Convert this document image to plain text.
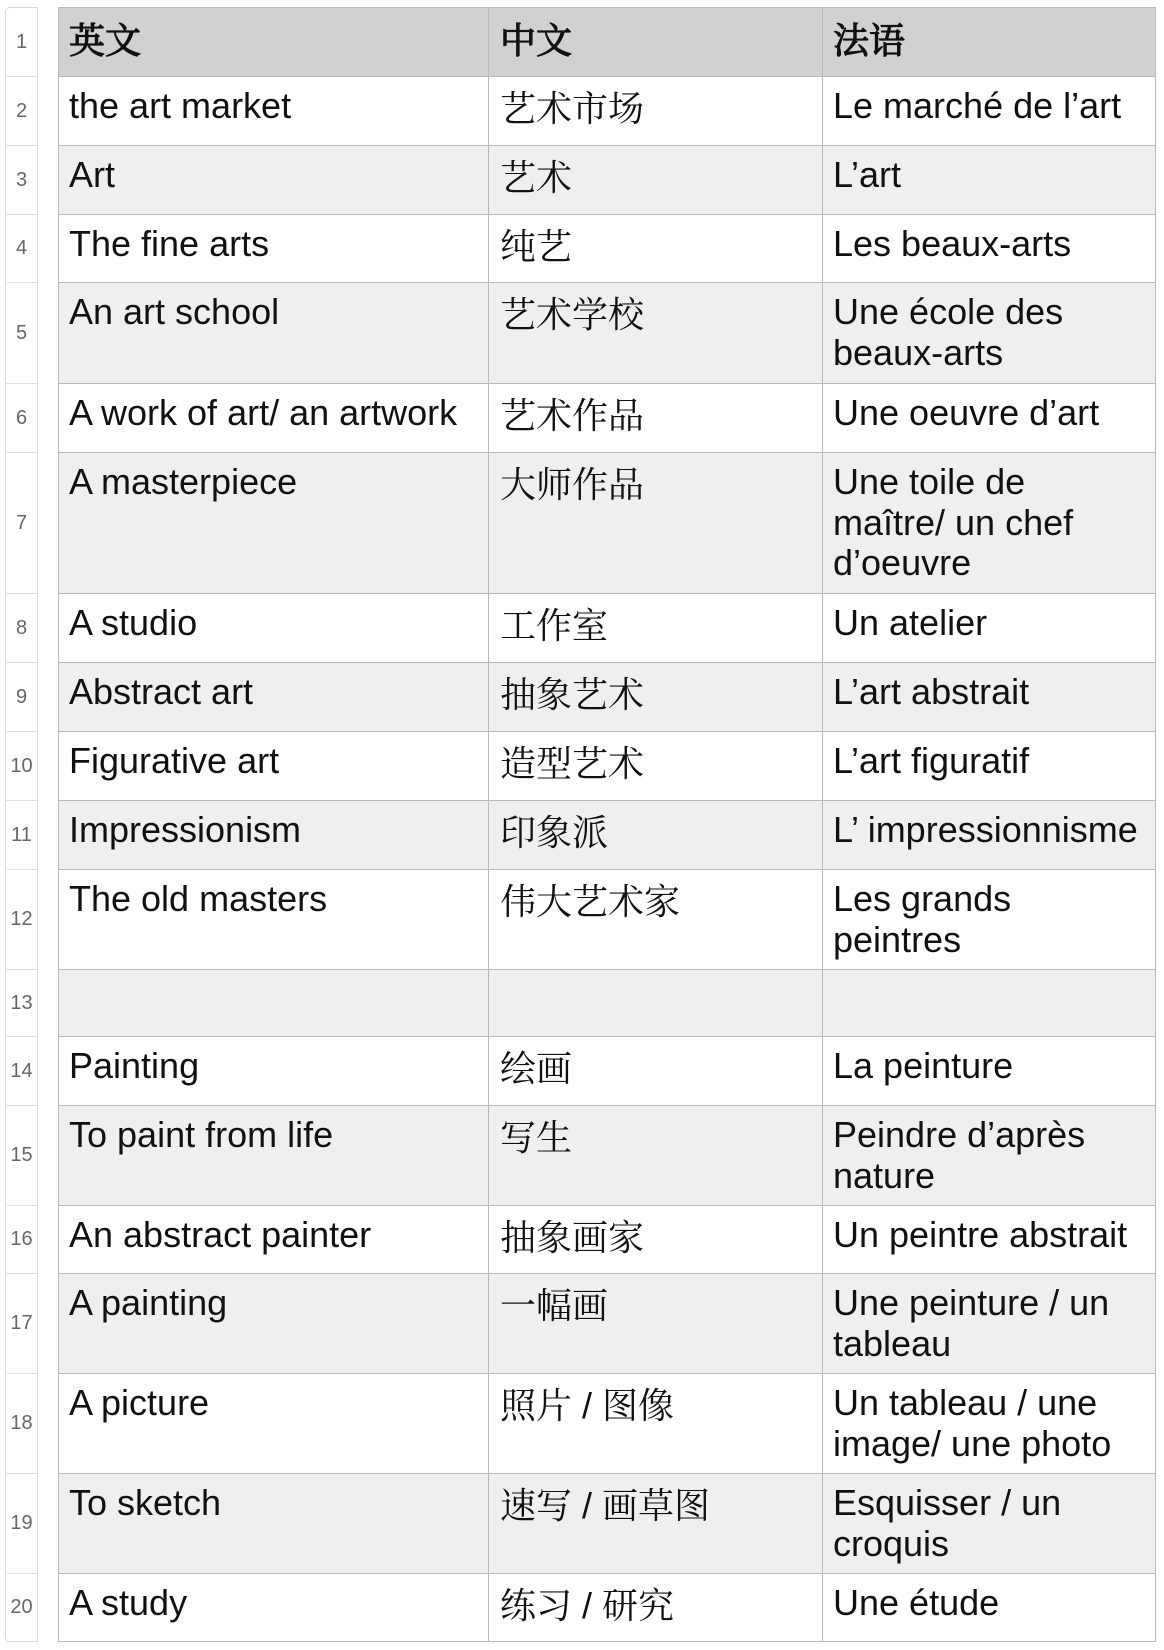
1
2
3
4
5
6
7
8
9
10
11
12
13
14
15
16
17
18
19
20
英文	中文	法语
the art market	艺术市场	Le marché de l’art
Art	艺术	L’art
The fine arts	纯艺	Les beaux-arts
An art school	艺术学校	Une école des
beaux-arts
A work of art/ an artwork	艺术作品	Une oeuvre d’art
A masterpiece	大师作品	Une toile de
maître/ un chef
d’oeuvre
A studio	工作室	Un atelier
Abstract art	抽象艺术	L’art abstrait
Figurative art	造型艺术	L’art figuratif
Impressionism	印象派	L’ impressionnisme
The old masters	伟大艺术家	Les grands
peintres
Painting	绘画	La peinture
To paint from life	写生	Peindre d’après
nature
An abstract painter	抽象画家	Un peintre abstrait
A painting	一幅画	Une peinture / un
tableau
A picture	照片 / 图像	Un tableau / une
image/ une photo
To sketch	速写 / 画草图	Esquisser / un
croquis
A study	练习 / 研究	Une étude
